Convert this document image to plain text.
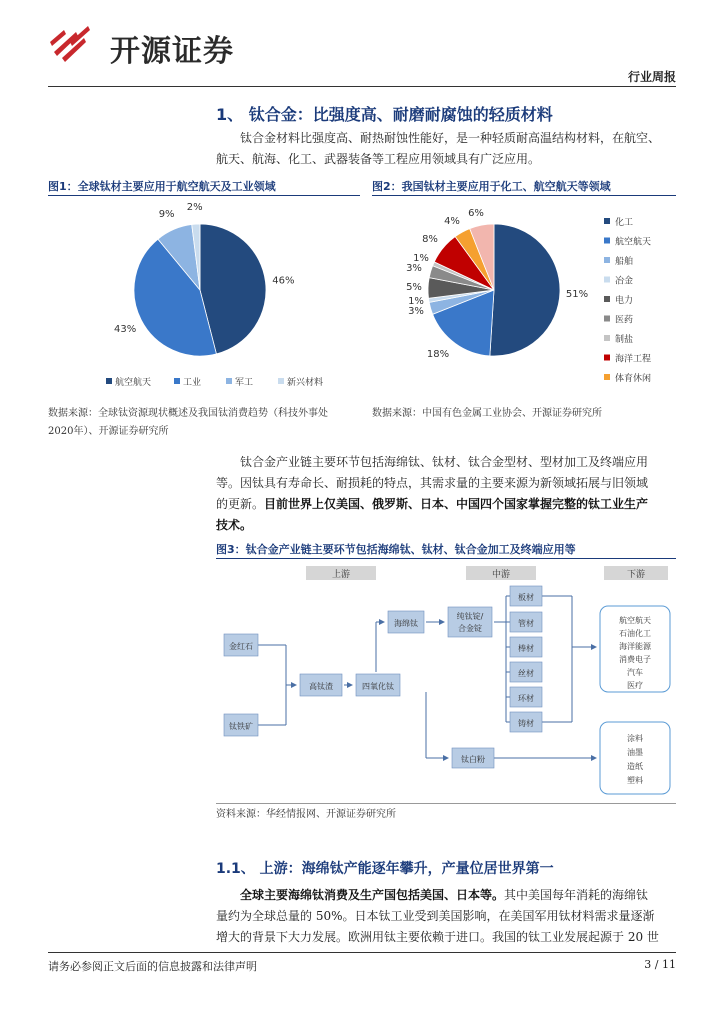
开源证券
行业周报
1、 钛合金：比强度高、耐磨耐腐蚀的轻质材料
钛合金材料比强度高、耐热耐蚀性能好，是一种轻质耐高温结构材料，在航空、
航天、航海、化工、武器装备等工程应用领域具有广泛应用。
图1：全球钛材主要应用于航空航天及工业领域
46%
43%
9%
2%
航空航天	工业	军工	新兴材料
数据来源：全球钛资源现状概述及我国钛消费趋势（科技外事处
2020年）、开源证券研究所
图2：我国钛材主要应用于化工、航空航天等领域
51%
18%
3%
1%
5%
3%
1%
8%
4%
6%
化工
航空航天
船舶
冶金
电力
医药
制盐
海洋工程
体育休闲
数据来源：中国有色金属工业协会、开源证券研究所
钛合金产业链主要环节包括海绵钛、钛材、钛合金型材、型材加工及终端应用
等。因钛具有寿命长、耐损耗的特点，其需求量的主要来源为新领域拓展与旧领域
的更新。目前世界上仅美国、俄罗斯、日本、中国四个国家掌握完整的钛工业生产
技术。
图3：钛合金产业链主要环节包括海绵钛、钛材、钛合金加工及终端应用等
上游	中游	下游
金红石
钛铁矿
高钛渣	四氧化钛
海绵钛
纯钛锭/
合金锭
板材
管材
棒材
丝材
环材
铸材
钛白粉
航空航天
石油化工
海洋能源
消费电子
汽车
医疗
涂料
油墨
造纸
塑料
资料来源：华经情报网、开源证券研究所
1.1、 上游：海绵钛产能逐年攀升，产量位居世界第一
全球主要海绵钛消费及生产国包括美国、日本等。其中美国每年消耗的海绵钛
量约为全球总量的 50%。日本钛工业受到美国影响，在美国军用钛材料需求量逐渐
增大的背景下大力发展。欧洲用钛主要依赖于进口。我国的钛工业发展起源于 20 世
请务必参阅正文后面的信息披露和法律声明	3 / 11
